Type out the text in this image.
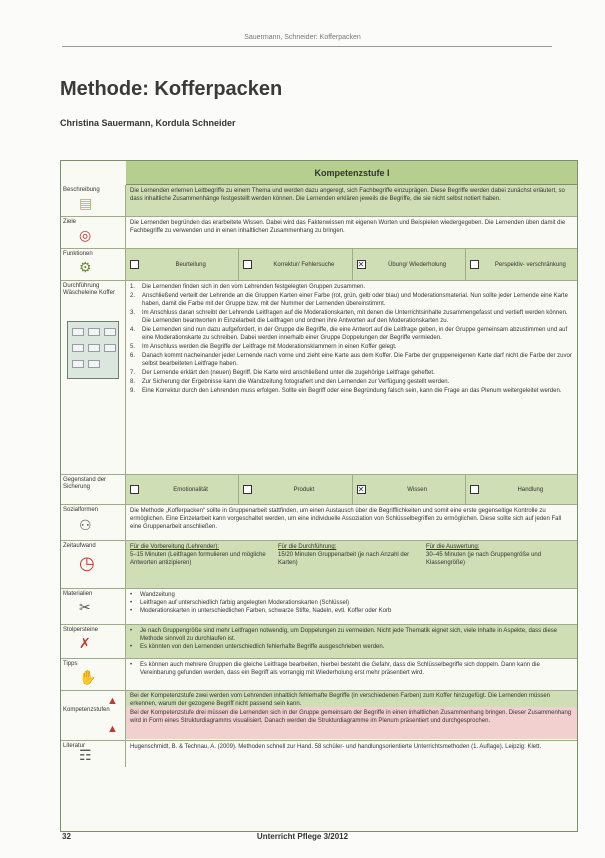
Sauermann, Schneider: Kofferpacken
Methode: Kofferpacken
Christina Sauermann, Kordula Schneider
Kompetenzstufe I
Beschreibung
▤
Die Lernenden erlernen Leitbegriffe zu einem Thema und werden dazu angeregt, sich Fachbegriffe einzuprägen. Diese Begriffe werden dabei zunächst erläutert, so dass inhaltliche Zusammenhänge festgestellt werden können. Die Lernenden erklären jeweils die Begriffe, die sie nicht selbst notiert haben.
Ziele
◎
Die Lernenden begründen das erarbeitete Wissen. Dabei wird das Faktenwissen mit eigenen Worten und Beispielen wiedergegeben. Die Lernenden üben damit die Fachbegriffe zu verwenden und in einen inhaltlichen Zusammenhang zu bringen.
Funktionen
⚙	Beurteilung	Korrektur/ Fehlersuche	✕	Übung/ Wiederholung	Perspektiv- verschränkung
Durchführung Wäscheleine Koffer
1.	Die Lernenden finden sich in den vom Lehrenden festgelegten Gruppen zusammen.
2.	Anschließend verteilt der Lehrende an die Gruppen Karten einer Farbe (rot, grün, gelb oder blau) und Moderationsmaterial. Nun sollte jeder Lernende eine Karte haben, damit die Farbe mit der Gruppe bzw. mit der Nummer der Lernenden übereinstimmt.
3.	Im Anschluss daran schreibt der Lehrende Leitfragen auf die Moderationskarten, mit denen die Unterrichtsinhalte zusammengefasst und vertieft werden können. Die Lernenden beantworten in Einzelarbeit die Leitfragen und ordnen ihre Antworten auf den Moderationskarten zu.
4.	Die Lernenden sind nun dazu aufgefordert, in der Gruppe die Begriffe, die eine Antwort auf die Leitfrage geben, in der Gruppe gemeinsam abzustimmen und auf eine Moderationskarte zu schreiben. Dabei werden innerhalb einer Gruppe Doppelungen der Begriffe vermieden.
5.	Im Anschluss werden die Begriffe der Leitfrage mit Moderationsklammern in einen Koffer gelegt.
6.	Danach kommt nacheinander jeder Lernende nach vorne und zieht eine Karte aus dem Koffer. Die Farbe der gruppeneigenen Karte darf nicht die Farbe der zuvor selbst bearbeiteten Leitfrage haben.
7.	Der Lernende erklärt den (neuen) Begriff. Die Karte wird anschließend unter die zugehörige Leitfrage geheftet.
8.	Zur Sicherung der Ergebnisse kann die Wandzeitung fotografiert und den Lernenden zur Verfügung gestellt werden.
9.	Eine Korrektur durch den Lehrenden muss erfolgen. Sollte ein Begriff oder eine Begründung falsch sein, kann die Frage an das Plenum weitergeleitet werden.
Gegenstand der Sicherung	Emotionalität	Produkt	✕	Wissen	Handlung
Sozialformen
⚇
Die Methode „Kofferpacken“ sollte in Gruppenarbeit stattfinden, um einen Austausch über die Begrifflichkeiten und somit eine erste gegenseitige Kontrolle zu ermöglichen. Eine Einzelarbeit kann vorgeschaltet werden, um eine individuelle Assoziation von Schlüsselbegriffen zu ermöglichen. Diese sollte sich auf jeden Fall eine Gruppenarbeit anschließen.
Zeitaufwand
◷
Für die Vorbereitung (Lehrender):
5–15 Minuten (Leitfragen formulieren und mögliche Antworten antizipieren)
Für die Durchführung:
15/20 Minuten Gruppenarbeit (je nach Anzahl der Karten)
Für die Auswertung:
30–45 Minuten (je nach Gruppengröße und Klassengröße)
Materialien
✂
•	Wandzeitung
•	Leitfragen auf unterschiedlich farbig angelegten Moderationskarten (Schlüssel)
•	Moderationskarten in unterschiedlichen Farben, schwarze Stifte, Nadeln, evtl. Koffer oder Korb
Stolpersteine
✗
•	Je nach Gruppengröße sind mehr Leitfragen notwendig, um Doppelungen zu vermeiden. Nicht jede Thematik eignet sich, viele Inhalte in Aspekte, dass diese Methode sinnvoll zu durchlaufen ist.
•	Es könnten von den Lernenden unterschiedlich fehlerhafte Begriffe ausgeschrieben werden.
Tipps
✋
•	Es können auch mehrere Gruppen die gleiche Leitfrage bearbeiten, hierbei besteht die Gefahr, dass die Schlüsselbegriffe sich doppeln. Dann kann die Vereinbarung gefunden werden, dass ein Begriff als vorrangig mit Wiederholung erst mehr präsentiert wird.
Kompetenzstufen
▲
▲
Bei der Kompetenzstufe zwei werden vom Lehrenden inhaltlich fehlerhafte Begriffe (in verschiedenen Farben) zum Koffer hinzugefügt. Die Lernenden müssen erkennen, warum der gezogene Begriff nicht passend sein kann.
Bei der Kompetenzstufe drei müssen die Lernenden sich in der Gruppe gemeinsam der Begriffe in einen inhaltlichen Zusammenhang bringen. Dieser Zusammenhang wird in Form eines Strukturdiagramms visualisiert. Danach werden die Strukturdiagramme im Plenum präsentiert und durchgesprochen.
Literatur
☶	Hugenschmidt, B. & Technau, A. (2009). Methoden schnell zur Hand. 58 schüler- und handlungsorientierte Unterrichtsmethoden (1. Auflage), Leipzig: Klett.
32	Unterricht Pflege 3/2012
